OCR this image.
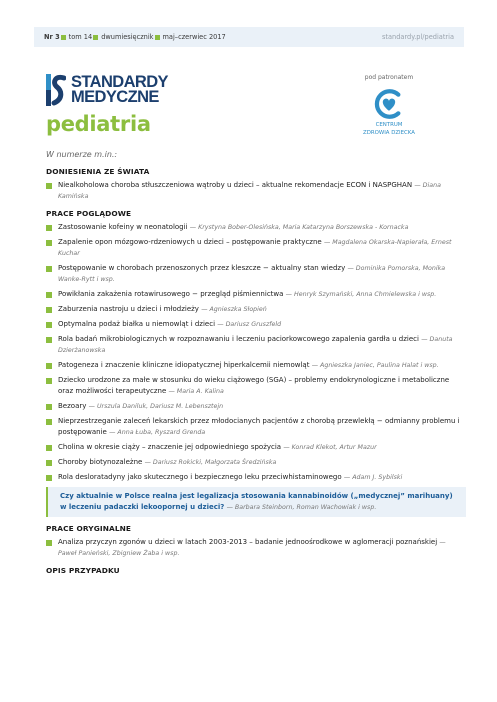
Nr 3 tom 14 dwumiesięcznik maj–czerwiec 2017	standardy.pl/pediatria
STANDARDY
MEDYCZNE
pediatria
pod patronatem
CENTRUM
ZDROWIA DZIECKA
W numerze m.in.:
DONIESIENIA ZE ŚWIATA
Niealkoholowa choroba stłuszczeniowa wątroby u dzieci – aktualne rekomendacje ECON i NASPGHAN — Diana Kamińska
PRACE POGLĄDOWE
Zastosowanie kofeiny w neonatologii — Krystyna Bober-Olesińska, Maria Katarzyna Borszewska - Kornacka
Zapalenie opon mózgowo-rdzeniowych u dzieci – postępowanie praktyczne — Magdalena Okarska-Napierała, Ernest Kuchar
Postępowanie w chorobach przenoszonych przez kleszcze − aktualny stan wiedzy — Dominika Pomorska, Monika Wanke-Rytt i wsp.
Powikłania zakażenia rotawirusowego − przegląd piśmiennictwa — Henryk Szymański, Anna Chmielewska i wsp.
Zaburzenia nastroju u dzieci i młodzieży — Agnieszka Słopień
Optymalna podaż białka u niemowląt i dzieci — Dariusz Gruszfeld
Rola badań mikrobiologicznych w rozpoznawaniu i leczeniu paciorkowcowego zapalenia gardła u dzieci — Danuta Dzierżanowska
Patogeneza i znaczenie kliniczne idiopatycznej hiperkalcemii niemowląt — Agnieszka Janiec, Paulina Halat i wsp.
Dziecko urodzone za małe w stosunku do wieku ciążowego (SGA) – problemy endokrynologiczne i metaboliczne oraz możliwości terapeutyczne — Maria A. Kalina
Bezoary — Urszula Daniluk, Dariusz M. Lebensztejn
Nieprzestrzeganie zaleceń lekarskich przez młodocianych pacjentów z chorobą przewlekłą − odmianny problemu i postępowanie — Anna Łuba, Ryszard Grenda
Cholina w okresie ciąży – znaczenie jej odpowiedniego spożycia — Konrad Klekot, Artur Mazur
Choroby biotynozależne — Dariusz Rokicki, Małgorzata Średzińska
Rola desloratadyny jako skutecznego i bezpiecznego leku przeciwhistaminowego — Adam J. Sybilski
Czy aktualnie w Polsce realna jest legalizacja stosowania kannabinoidów („medycznej” marihuany) w leczeniu padaczki lekoopornej u dzieci? — Barbara Steinborn, Roman Wachowiak i wsp.
PRACE ORYGINALNE
Analiza przyczyn zgonów u dzieci w latach 2003-2013 – badanie jednoośrodkowe w aglomeracji poznańskiej — Paweł Panieński, Zbigniew Żaba i wsp.
OPIS PRZYPADKU
